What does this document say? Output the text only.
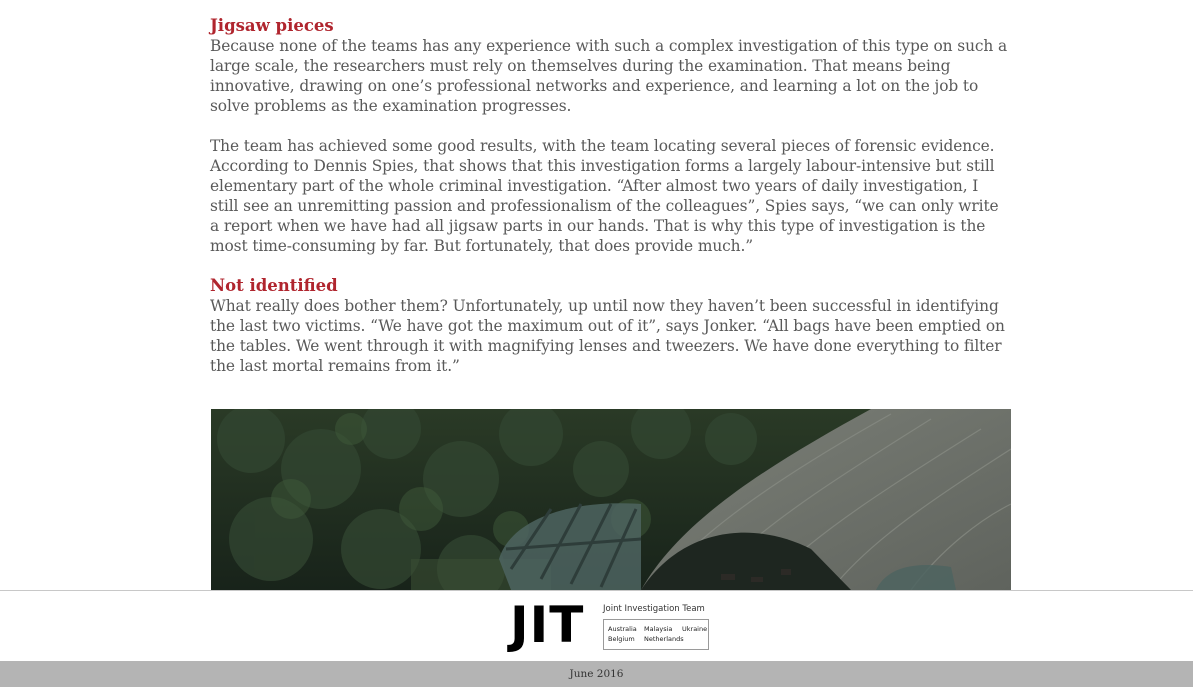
Jigsaw pieces

Because none of the teams has any experience with such a complex investigation of this type on such a large scale, the researchers must rely on themselves during the examination. That means being innovative, drawing on one’s professional networks and experience, and learning a lot on the job to solve problems as the examination progresses.

The team has achieved some good results, with the team locating several pieces of forensic evidence. According to Dennis Spies, that shows that this investigation forms a largely labour-intensive but still elementary part of the whole criminal investigation. “After almost two years of daily investigation, I still see an unremitting passion and professionalism of the colleagues”, Spies says, “we can only write a report when we have had all jigsaw parts in our hands. That is why this type of investigation is the most time-consuming by far. But fortunately, that does provide much.”

Not identified

What really does bother them? Unfortunately, up until now they haven’t been successful in identifying the last two victims. “We have got the maximum out of it”, says Jonker. “All bags have been emptied on the tables. We went through it with magnifying lenses and tweezers. We have done everything to filter the last mortal remains from it.”

JIT Joint Investigation Team
Australia Malaysia Ukraine
Belgium Netherlands
June 2016
